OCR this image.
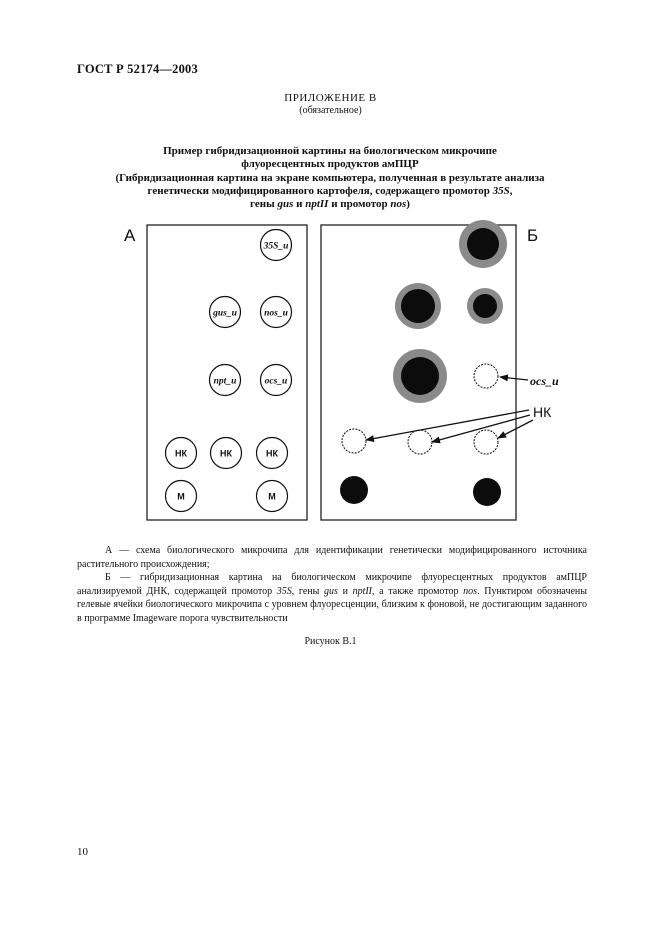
ГОСТ Р 52174—2003
ПРИЛОЖЕНИЕ В
(обязательное)
Пример гибридизационной картины на биологическом микрочипе
флуоресцентных продуктов амПЦР
(Гибридизационная картина на экране компьютера, полученная в результате анализа
генетически модифицированного картофеля, содержащего промотор 35S,
гены gus и nptII и промотор nos)
А
35S_и
gus_и	nos_и
npt_и	ocs_и
НК	НК	НК
М	М
Б
ocs_и
НК

А — схема биологического микрочипа для идентификации генетически модифицированного источника растительного происхождения;

Б — гибридизационная картина на биологическом микрочипе флуоресцентных продуктов амПЦР анализируемой ДНК, содержащей промотор 35S, гены gus и nptII, а также промотор nos. Пунктиром обозначены гелевые ячейки биологического микрочипа с уровнем флуоресценции, близким к фоновой, не достигающим заданного в программе Imageware порога чувствительности

Рисунок В.1
10
